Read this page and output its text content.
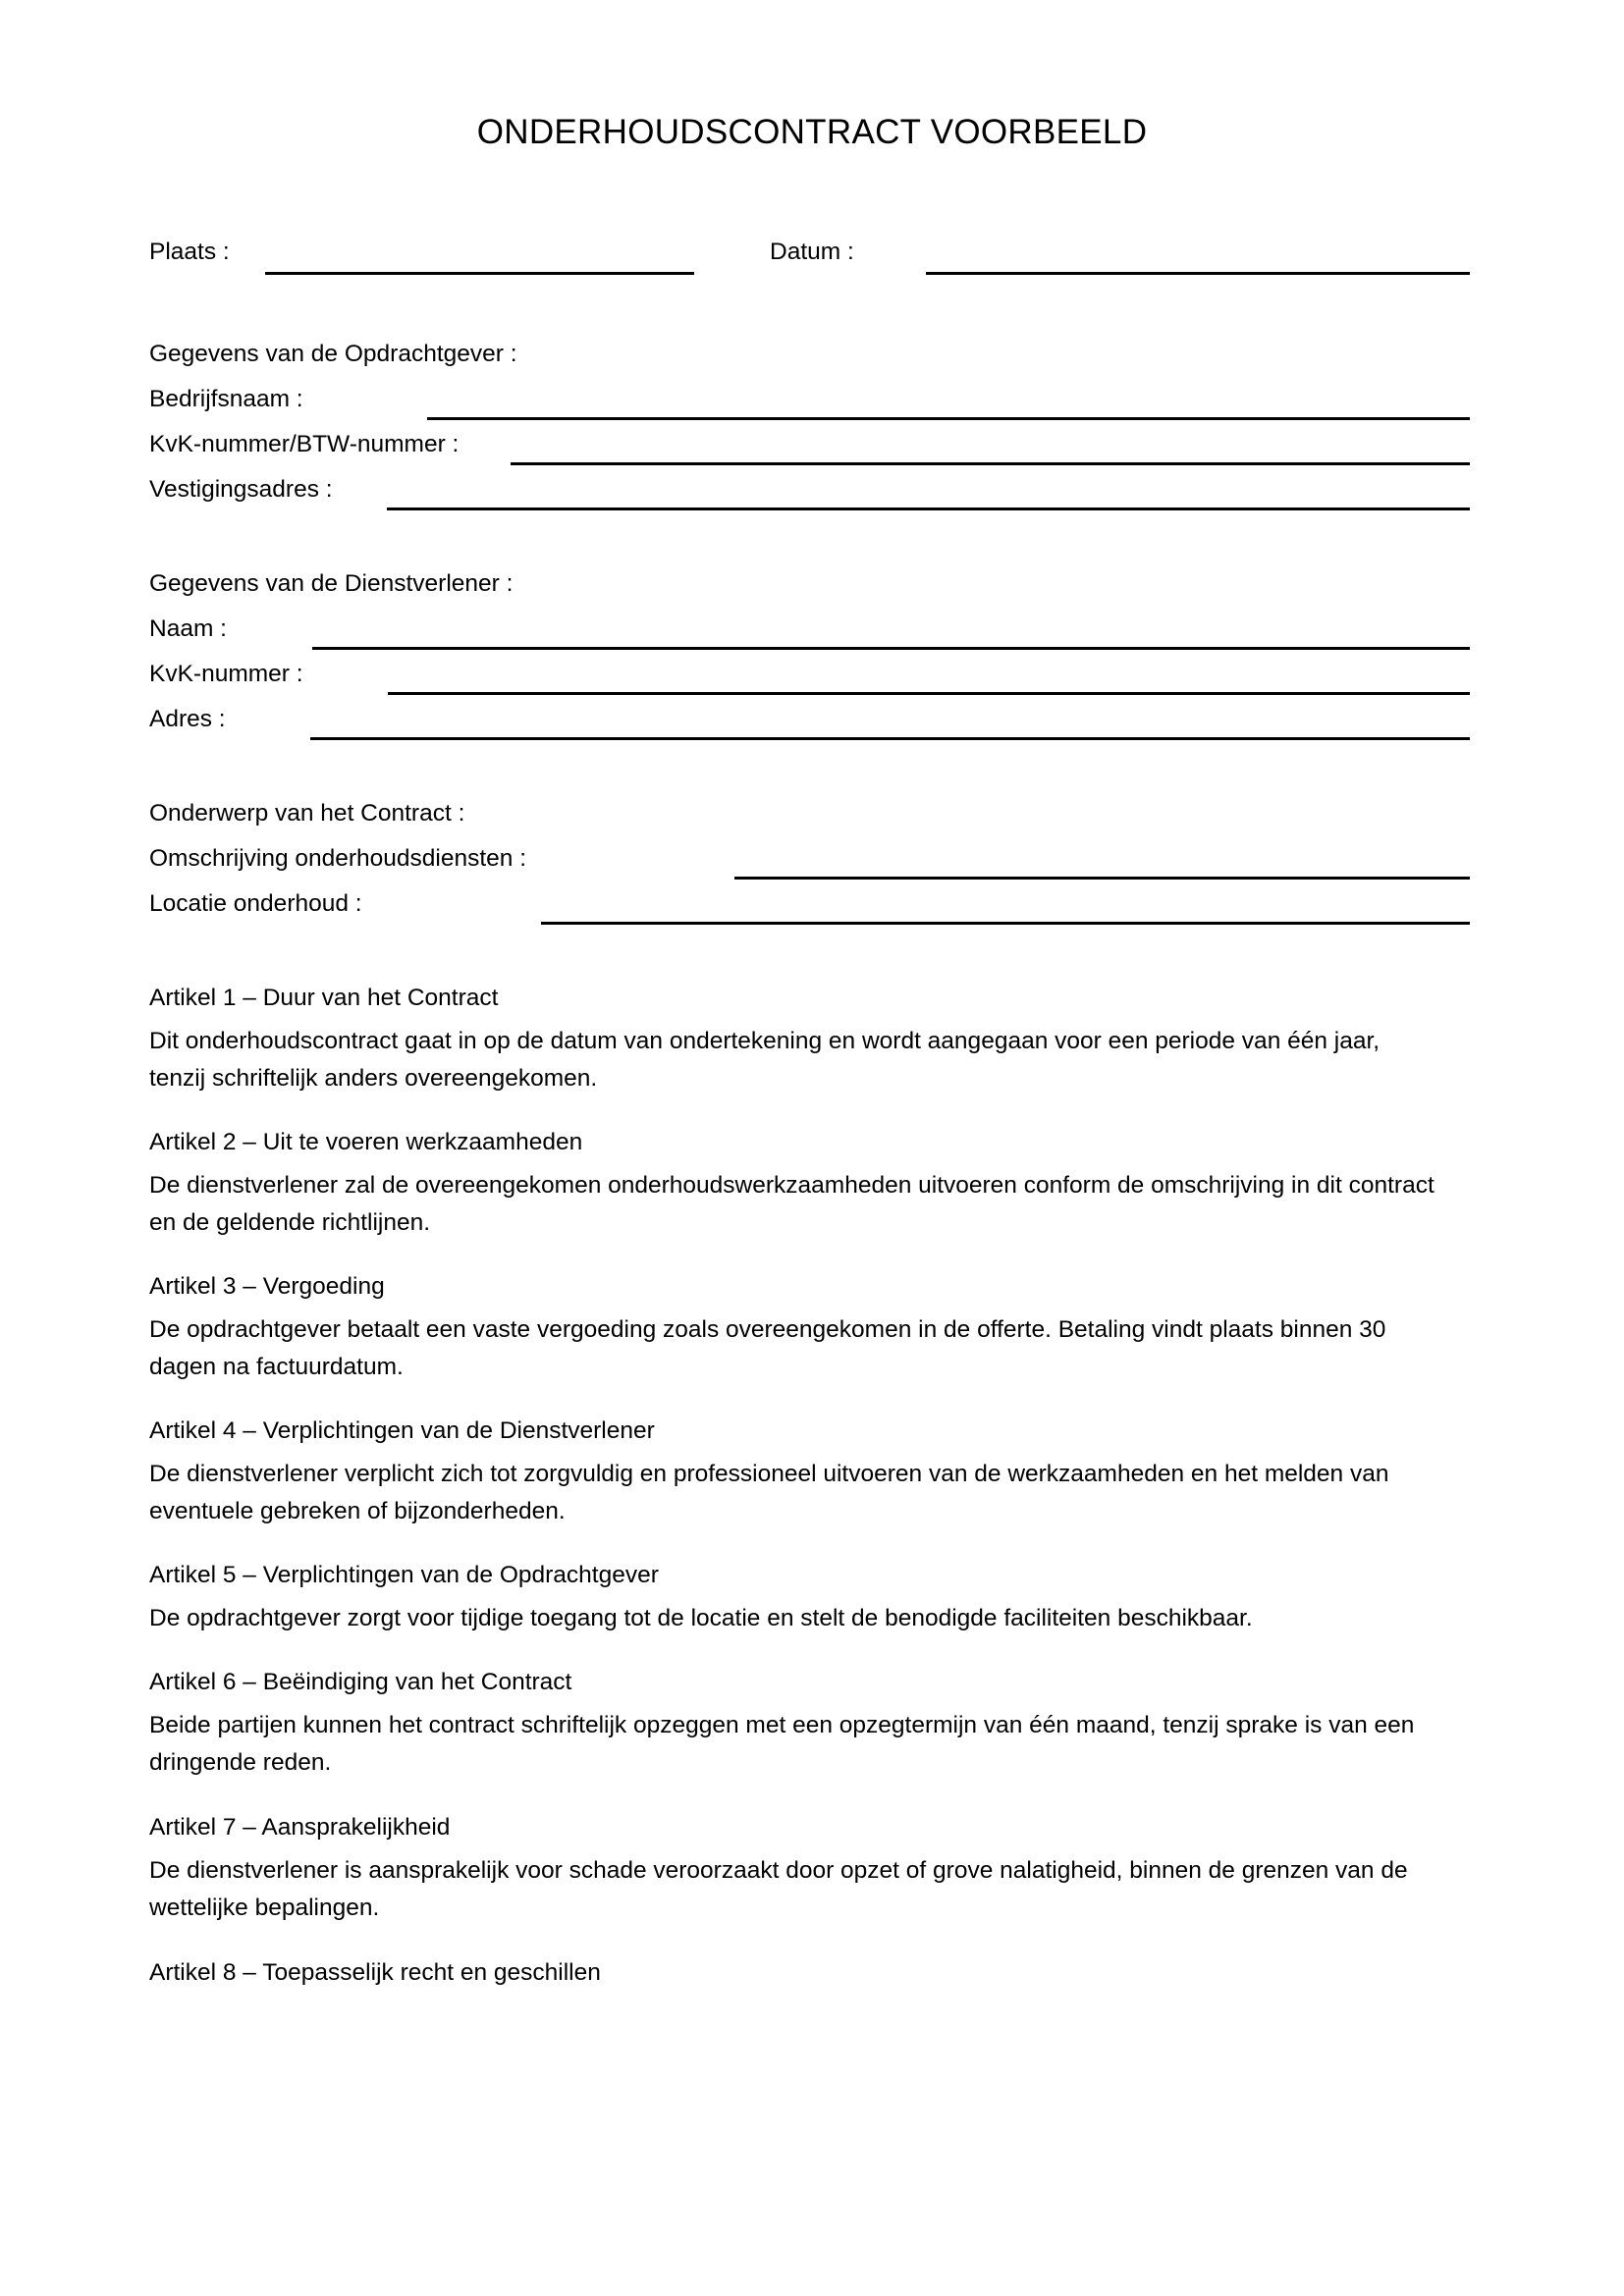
ONDERHOUDSCONTRACT VOORBEELD
Plaats :	Datum :
Gegevens van de Opdrachtgever :
Bedrijfsnaam :
KvK-nummer/BTW-nummer :
Vestigingsadres :
Gegevens van de Dienstverlener :
Naam :
KvK-nummer :
Adres :
Onderwerp van het Contract :
Omschrijving onderhoudsdiensten :
Locatie onderhoud :
Artikel 1 – Duur van het Contract
Dit onderhoudscontract gaat in op de datum van ondertekening en wordt aangegaan voor een periode van één jaar, tenzij schriftelijk anders overeengekomen.
Artikel 2 – Uit te voeren werkzaamheden
De dienstverlener zal de overeengekomen onderhoudswerkzaamheden uitvoeren conform de omschrijving in dit contract en de geldende richtlijnen.
Artikel 3 – Vergoeding
De opdrachtgever betaalt een vaste vergoeding zoals overeengekomen in de offerte. Betaling vindt plaats binnen 30 dagen na factuurdatum.
Artikel 4 – Verplichtingen van de Dienstverlener
De dienstverlener verplicht zich tot zorgvuldig en professioneel uitvoeren van de werkzaamheden en het melden van eventuele gebreken of bijzonderheden.
Artikel 5 – Verplichtingen van de Opdrachtgever
De opdrachtgever zorgt voor tijdige toegang tot de locatie en stelt de benodigde faciliteiten beschikbaar.
Artikel 6 – Beëindiging van het Contract
Beide partijen kunnen het contract schriftelijk opzeggen met een opzegtermijn van één maand, tenzij sprake is van een dringende reden.
Artikel 7 – Aansprakelijkheid
De dienstverlener is aansprakelijk voor schade veroorzaakt door opzet of grove nalatigheid, binnen de grenzen van de wettelijke bepalingen.
Artikel 8 – Toepasselijk recht en geschillen
